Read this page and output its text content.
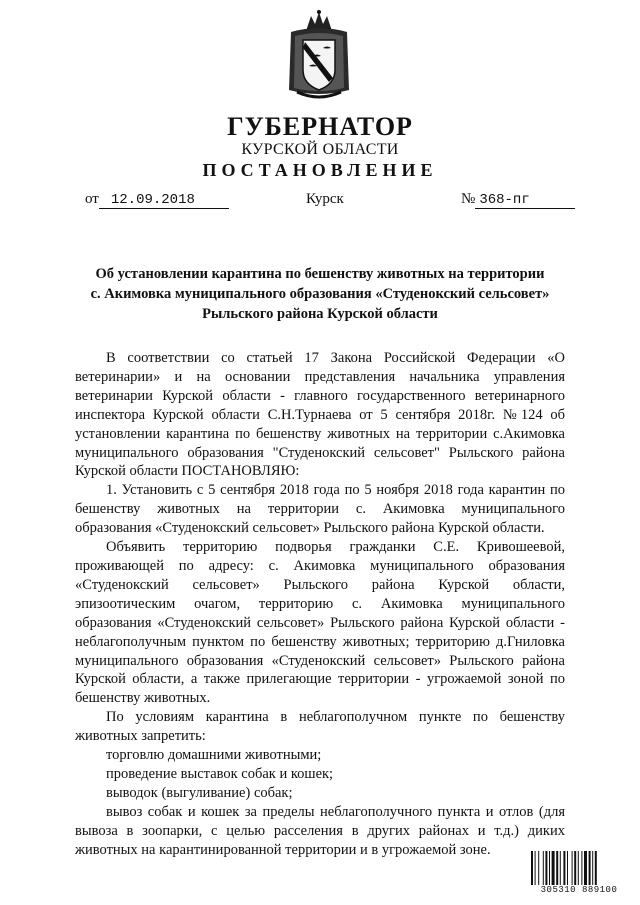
ГУБЕРНАТОР
КУРСКОЙ ОБЛАСТИ
ПОСТАНОВЛЕНИЕ
от 12.09.2018	Курск	№ 368-пг
Об установлении карантина по бешенству животных на территории
с. Акимовка муниципального образования «Студенокский сельсовет»
Рыльского района Курской области

В соответствии со статьей 17 Закона Российской Федерации «О ветеринарии» и на основании представления начальника управления ветеринарии Курской области - главного государственного ветеринарного инспектора Курской области С.Н.Турнаева от 5 сентября 2018г. №124 об установлении карантина по бешенству животных на территории с.Акимовка муниципального образования "Студенокский сельсовет" Рыльского района Курской области ПОСТАНОВЛЯЮ:

1. Установить с 5 сентября 2018 года по 5 ноября 2018 года карантин по бешенству животных на территории с. Акимовка муниципального образования «Студенокский сельсовет» Рыльского района Курской области.

Объявить территорию подворья гражданки С.Е. Кривошеевой, проживающей по адресу: с. Акимовка муниципального образования «Студенокский сельсовет» Рыльского района Курской области, эпизоотическим очагом, территорию с. Акимовка муниципального образования «Студенокский сельсовет» Рыльского района Курской области - неблагополучным пунктом по бешенству животных; территорию д.Гниловка муниципального образования «Студенокский сельсовет» Рыльского района Курской области, а также прилегающие территории - угрожаемой зоной по бешенству животных.

По условиям карантина в неблагополучном пункте по бешенству животных запретить:

торговлю домашними животными;

проведение выставок собак и кошек;

выводок (выгуливание) собак;

вывоз собак и кошек за пределы неблагополучного пункта и отлов (для вывоза в зоопарки, с целью расселения в других районах и т.д.) диких животных на карантинированной территории и в угрожаемой зоне.

305310 889100
